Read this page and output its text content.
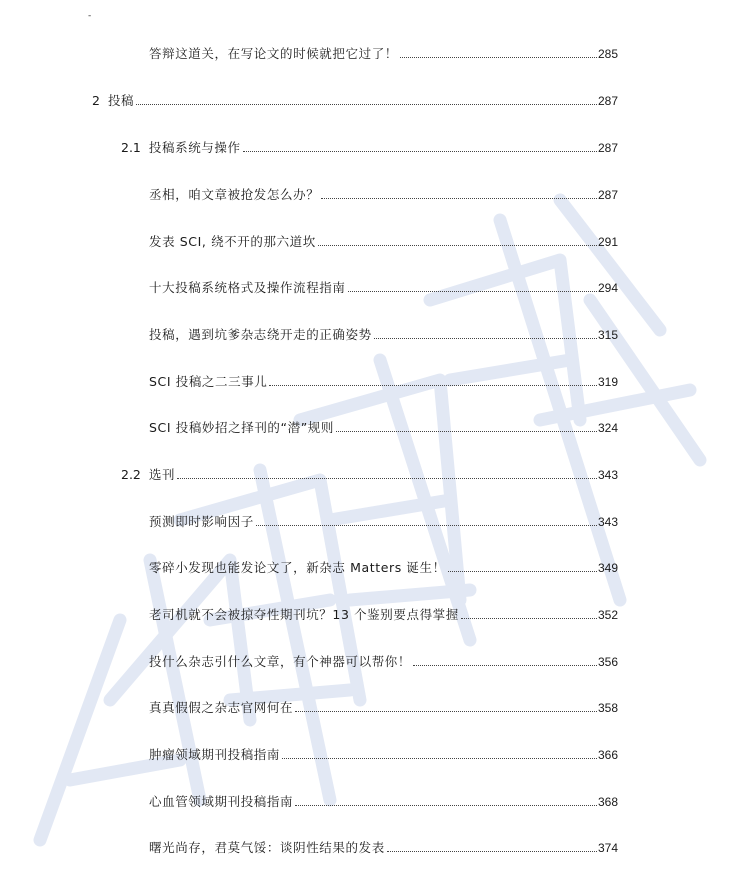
-
答辩这道关，在写论文的时候就把它过了！	285
2 投稿	287
2.1 投稿系统与操作	287
丞相，咱文章被抢发怎么办？	287
发表 SCI, 绕不开的那六道坎	291
十大投稿系统格式及操作流程指南	294
投稿，遇到坑爹杂志绕开走的正确姿势	315
SCI 投稿之二三事儿	319
SCI 投稿妙招之择刊的“潜”规则	324
2.2 选刊	343
预测即时影响因子	343
零碎小发现也能发论文了，新杂志 Matters 诞生！	349
老司机就不会被掠夺性期刊坑？13 个鉴别要点得掌握	352
投什么杂志引什么文章，有个神器可以帮你！	356
真真假假之杂志官网何在	358
肿瘤领域期刊投稿指南	366
心血管领域期刊投稿指南	368
曙光尚存，君莫气馁：谈阴性结果的发表	374
